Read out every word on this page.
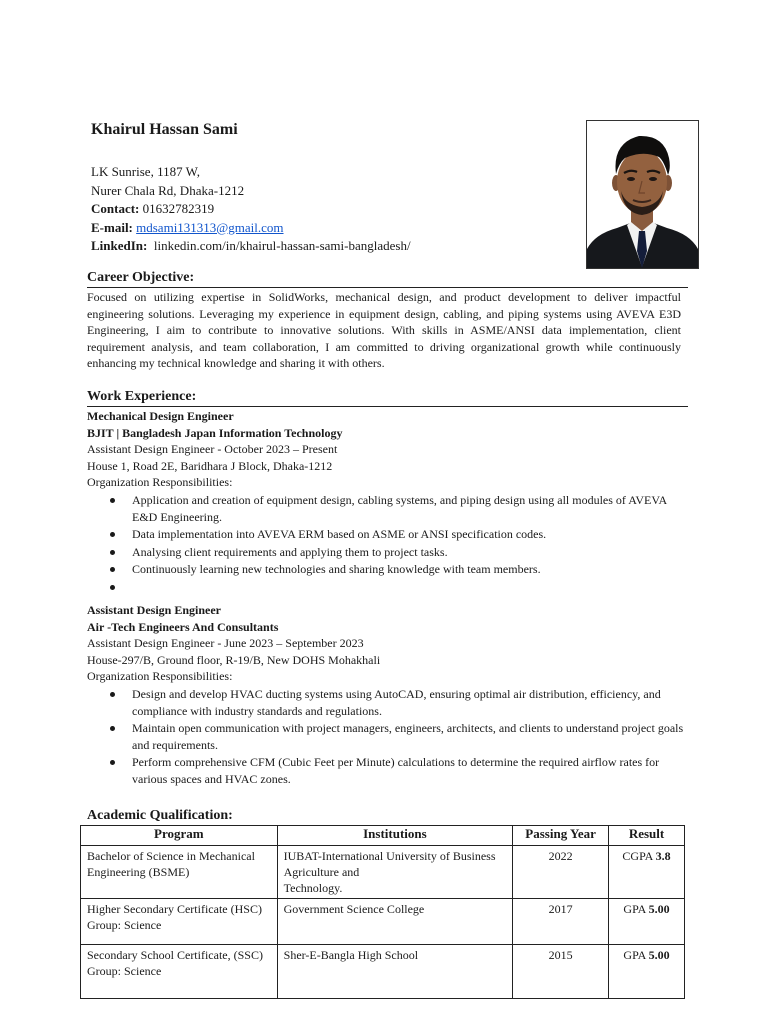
Khairul Hassan Sami
LK Sunrise, 1187 W,
Nurer Chala Rd, Dhaka-1212
Contact: 01632782319
E-mail: mdsami131313@gmail.com
LinkedIn: linkedin.com/in/khairul-hassan-sami-bangladesh/
Career Objective:
Focused on utilizing expertise in SolidWorks, mechanical design, and product development to deliver impactful engineering solutions. Leveraging my experience in equipment design, cabling, and piping systems using AVEVA E3D Engineering, I aim to contribute to innovative solutions. With skills in ASME/ANSI data implementation, client requirement analysis, and team collaboration, I am committed to driving organizational growth while continuously enhancing my technical knowledge and sharing it with others.
Work Experience:
Mechanical Design Engineer
BJIT | Bangladesh Japan Information Technology
Assistant Design Engineer - October 2023 – Present
House 1, Road 2E, Baridhara J Block, Dhaka-1212
Organization Responsibilities:
Application and creation of equipment design, cabling systems, and piping design using all modules of AVEVA E&D Engineering.
Data implementation into AVEVA ERM based on ASME or ANSI specification codes.
Analysing client requirements and applying them to project tasks.
Continuously learning new technologies and sharing knowledge with team members.
Assistant Design Engineer
Air -Tech Engineers And Consultants
Assistant Design Engineer - June 2023 – September 2023
House-297/B, Ground floor, R-19/B, New DOHS Mohakhali
Organization Responsibilities:
Design and develop HVAC ducting systems using AutoCAD, ensuring optimal air distribution, efficiency, and compliance with industry standards and regulations.
Maintain open communication with project managers, engineers, architects, and clients to understand project goals and requirements.
Perform comprehensive CFM (Cubic Feet per Minute) calculations to determine the required airflow rates for various spaces and HVAC zones.
Academic Qualification:
Program	Institutions	Passing Year	Result
Bachelor of Science in Mechanical Engineering (BSME)	IUBAT-International University of Business
Agriculture and
Technology.	2022	CGPA 3.8
Higher Secondary Certificate (HSC) Group: Science	Government Science College	2017	GPA 5.00
Secondary School Certificate, (SSC) Group: Science	Sher-E-Bangla High School	2015	GPA 5.00
